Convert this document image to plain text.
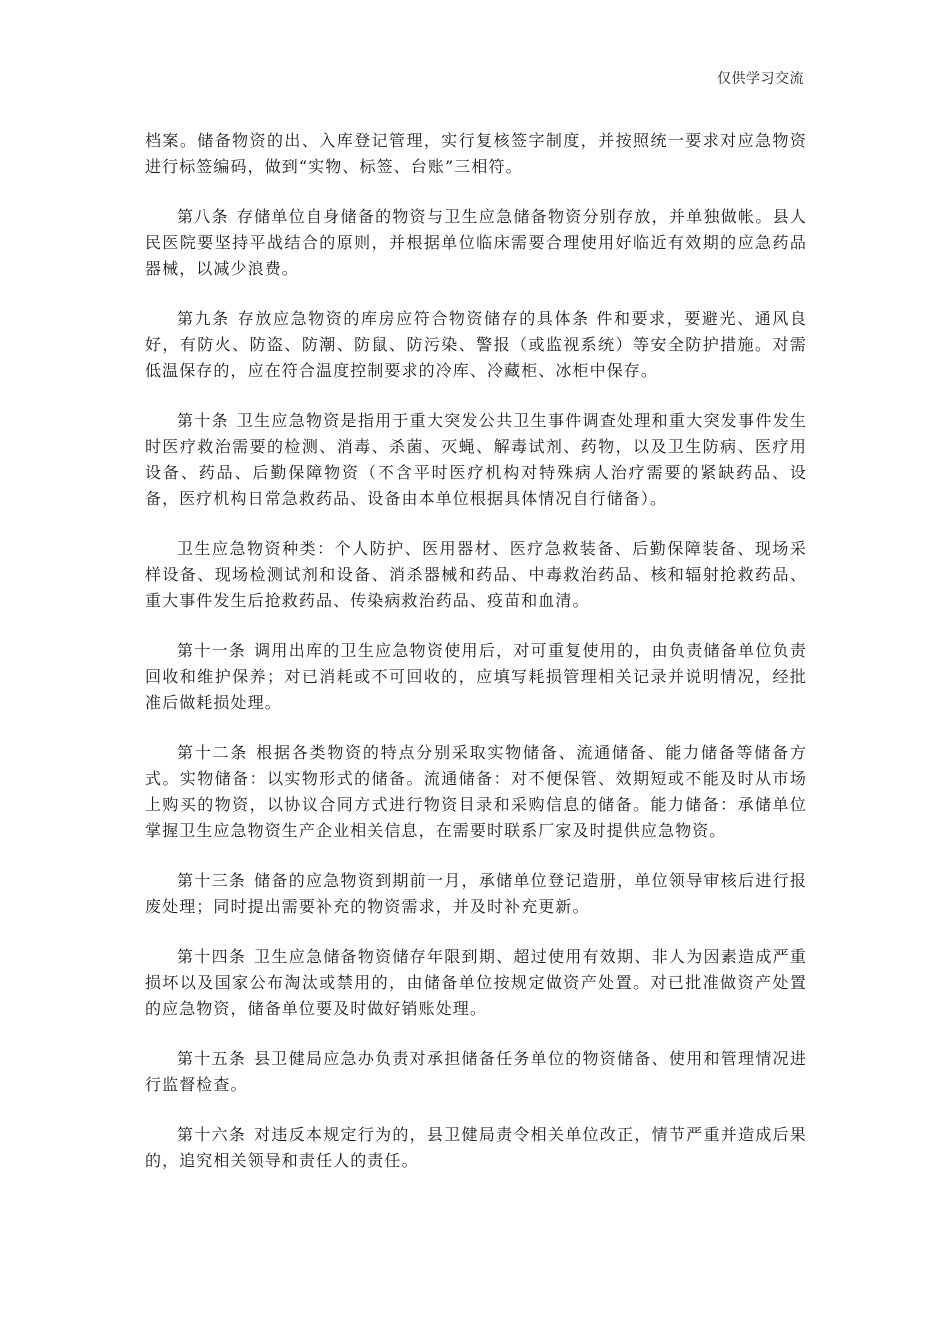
仅供学习交流

档案。储备物资的出、入库登记管理，实行复核签字制度，并按照统一要求对应急物资进行标签编码，做到“实物、标签、台账”三相符。

第八条 存储单位自身储备的物资与卫生应急储备物资分别存放，并单独做帐。县人民医院要坚持平战结合的原则，并根据单位临床需要合理使用好临近有效期的应急药品器械，以减少浪费。

第九条 存放应急物资的库房应符合物资储存的具体条 件和要求，要避光、通风良好，有防火、防盗、防潮、防鼠、防污染、警报（或监视系统）等安全防护措施。对需低温保存的，应在符合温度控制要求的冷库、冷藏柜、冰柜中保存。

第十条 卫生应急物资是指用于重大突发公共卫生事件调查处理和重大突发事件发生时医疗救治需要的检测、消毒、杀菌、灭蝇、解毒试剂、药物，以及卫生防病、医疗用设备、药品、后勤保障物资（不含平时医疗机构对特殊病人治疗需要的紧缺药品、设备，医疗机构日常急救药品、设备由本单位根据具体情况自行储备）。

卫生应急物资种类：个人防护、医用器材、医疗急救装备、后勤保障装备、现场采样设备、现场检测试剂和设备、消杀器械和药品、中毒救治药品、核和辐射抢救药品、重大事件发生后抢救药品、传染病救治药品、疫苗和血清。

第十一条 调用出库的卫生应急物资使用后，对可重复使用的，由负责储备单位负责回收和维护保养；对已消耗或不可回收的，应填写耗损管理相关记录并说明情况，经批准后做耗损处理。

第十二条 根据各类物资的特点分别采取实物储备、流通储备、能力储备等储备方式。实物储备：以实物形式的储备。流通储备：对不便保管、效期短或不能及时从市场上购买的物资，以协议合同方式进行物资目录和采购信息的储备。能力储备：承储单位掌握卫生应急物资生产企业相关信息，在需要时联系厂家及时提供应急物资。

第十三条 储备的应急物资到期前一月，承储单位登记造册，单位领导审核后进行报废处理；同时提出需要补充的物资需求，并及时补充更新。

第十四条 卫生应急储备物资储存年限到期、超过使用有效期、非人为因素造成严重损坏以及国家公布淘汰或禁用的，由储备单位按规定做资产处置。对已批准做资产处置的应急物资，储备单位要及时做好销账处理。

第十五条 县卫健局应急办负责对承担储备任务单位的物资储备、使用和管理情况进行监督检查。

第十六条 对违反本规定行为的，县卫健局责令相关单位改正，情节严重并造成后果的，追究相关领导和责任人的责任。
